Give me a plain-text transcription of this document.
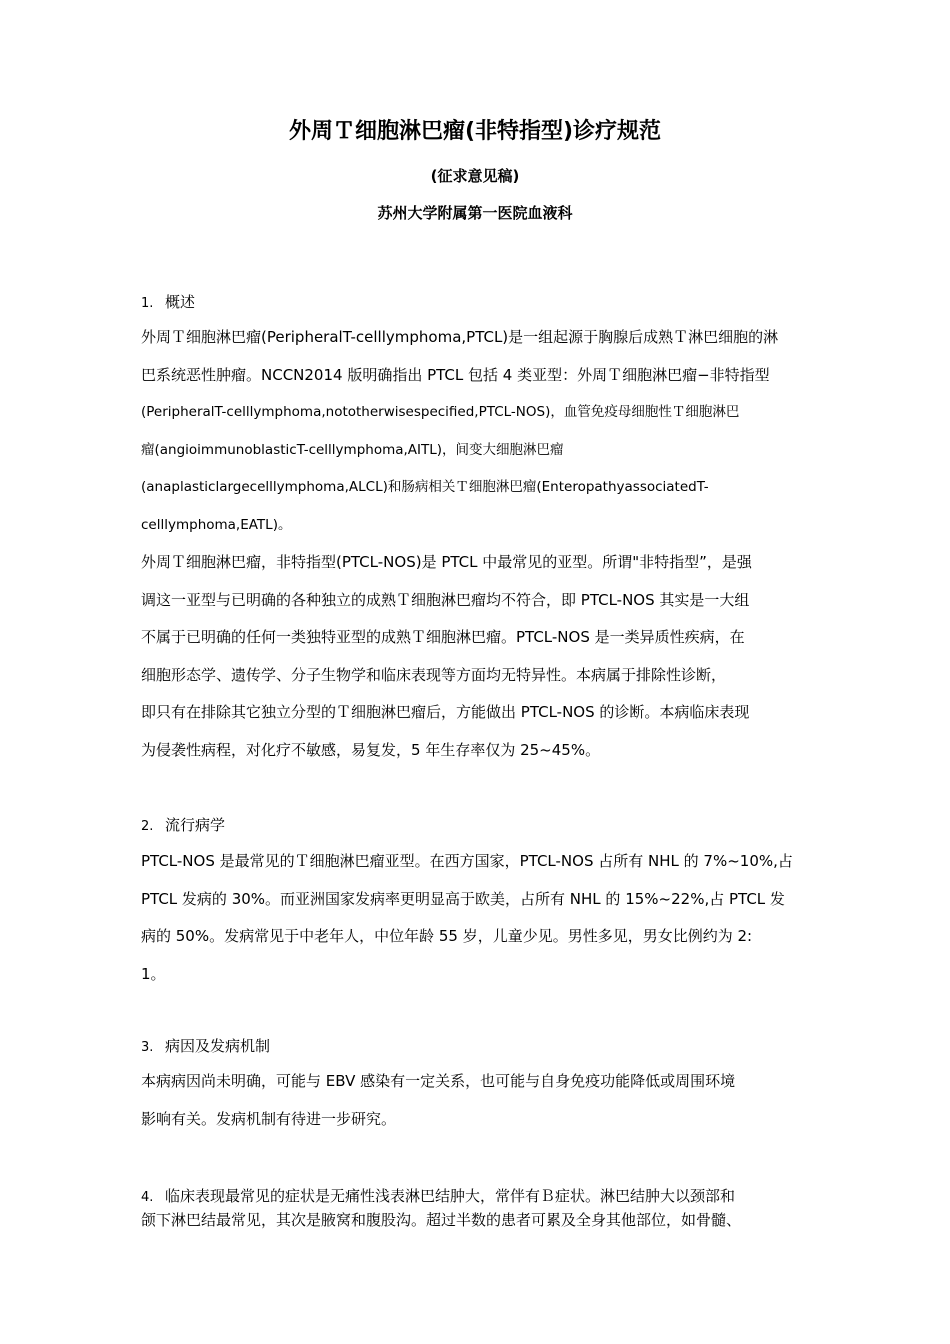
外周Ｔ细胞淋巴瘤(非特指型)诊疗规范
(征求意见稿)
苏州大学附属第一医院血液科
1. 概述
外周Ｔ细胞淋巴瘤(PeripheralT-celllymphoma,PTCL)是一组起源于胸腺后成熟Ｔ淋巴细胞的淋
巴系统恶性肿瘤。NCCN2014 版明确指出 PTCL 包括 4 类亚型：外周Ｔ细胞淋巴瘤−非特指型
(PeripheralT-celllymphoma,nototherwisespecified,PTCL-NOS)，血管免疫母细胞性Ｔ细胞淋巴
瘤(angioimmunoblasticT-celllymphoma,AITL)，间变大细胞淋巴瘤
(anaplasticlargecelllymphoma,ALCL)和肠病相关Ｔ细胞淋巴瘤(EnteropathyassociatedT-
celllymphoma,EATL)。
外周Ｔ细胞淋巴瘤，非特指型(PTCL-NOS)是 PTCL 中最常见的亚型。所谓"非特指型”，是强
调这一亚型与已明确的各种独立的成熟Ｔ细胞淋巴瘤均不符合，即 PTCL-NOS 其实是一大组
不属于已明确的任何一类独特亚型的成熟Ｔ细胞淋巴瘤。PTCL-NOS 是一类异质性疾病，在
细胞形态学、遗传学、分子生物学和临床表现等方面均无特异性。本病属于排除性诊断，
即只有在排除其它独立分型的Ｔ细胞淋巴瘤后，方能做出 PTCL-NOS 的诊断。本病临床表现
为侵袭性病程，对化疗不敏感，易复发，5 年生存率仅为 25~45%。
2. 流行病学
PTCL-NOS 是最常见的Ｔ细胞淋巴瘤亚型。在西方国家，PTCL-NOS 占所有 NHL 的 7%~10%,占
PTCL 发病的 30%。而亚洲国家发病率更明显高于欧美，占所有 NHL 的 15%~22%,占 PTCL 发
病的 50%。发病常见于中老年人，中位年龄 55 岁，儿童少见。男性多见，男女比例约为 2:
1。
3. 病因及发病机制
本病病因尚未明确，可能与 EBV 感染有一定关系，也可能与自身免疫功能降低或周围环境
影响有关。发病机制有待进一步研究。
4. 临床表现最常见的症状是无痛性浅表淋巴结肿大，常伴有Ｂ症状。淋巴结肿大以颈部和
颌下淋巴结最常见，其次是腋窝和腹股沟。超过半数的患者可累及全身其他部位，如骨髓、
